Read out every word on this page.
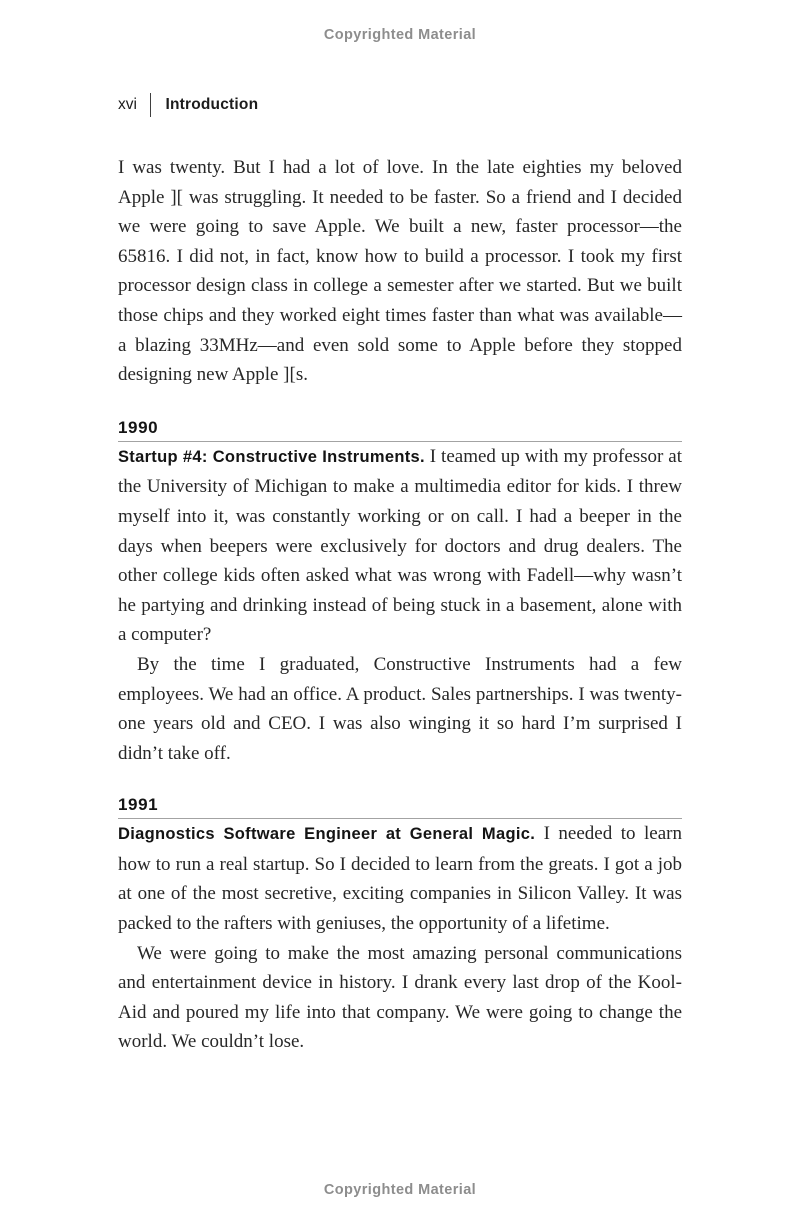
Copyrighted Material
xvi Introduction

I was twenty. But I had a lot of love. In the late eighties my beloved Apple ][ was struggling. It needed to be faster. So a friend and I decided we were going to save Apple. We built a new, faster processor—the 65816. I did not, in fact, know how to build a processor. I took my first processor design class in college a semester after we started. But we built those chips and they worked eight times faster than what was available—a blazing 33MHz—and even sold some to Apple before they stopped designing new Apple ][s.

1990

Startup #4: Constructive Instruments. I teamed up with my professor at the University of Michigan to make a multimedia editor for kids. I threw myself into it, was constantly working or on call. I had a beeper in the days when beepers were exclusively for doctors and drug dealers. The other college kids often asked what was wrong with Fadell—why wasn’t he partying and drinking instead of being stuck in a basement, alone with a computer?

By the time I graduated, Constructive Instruments had a few employees. We had an office. A product. Sales partnerships. I was twenty-one years old and CEO. I was also winging it so hard I’m surprised I didn’t take off.

1991

Diagnostics Software Engineer at General Magic. I needed to learn how to run a real startup. So I decided to learn from the greats. I got a job at one of the most secretive, exciting companies in Silicon Valley. It was packed to the rafters with geniuses, the opportunity of a lifetime.

We were going to make the most amazing personal communications and entertainment device in history. I drank every last drop of the Kool-Aid and poured my life into that company. We were going to change the world. We couldn’t lose.

Copyrighted Material
